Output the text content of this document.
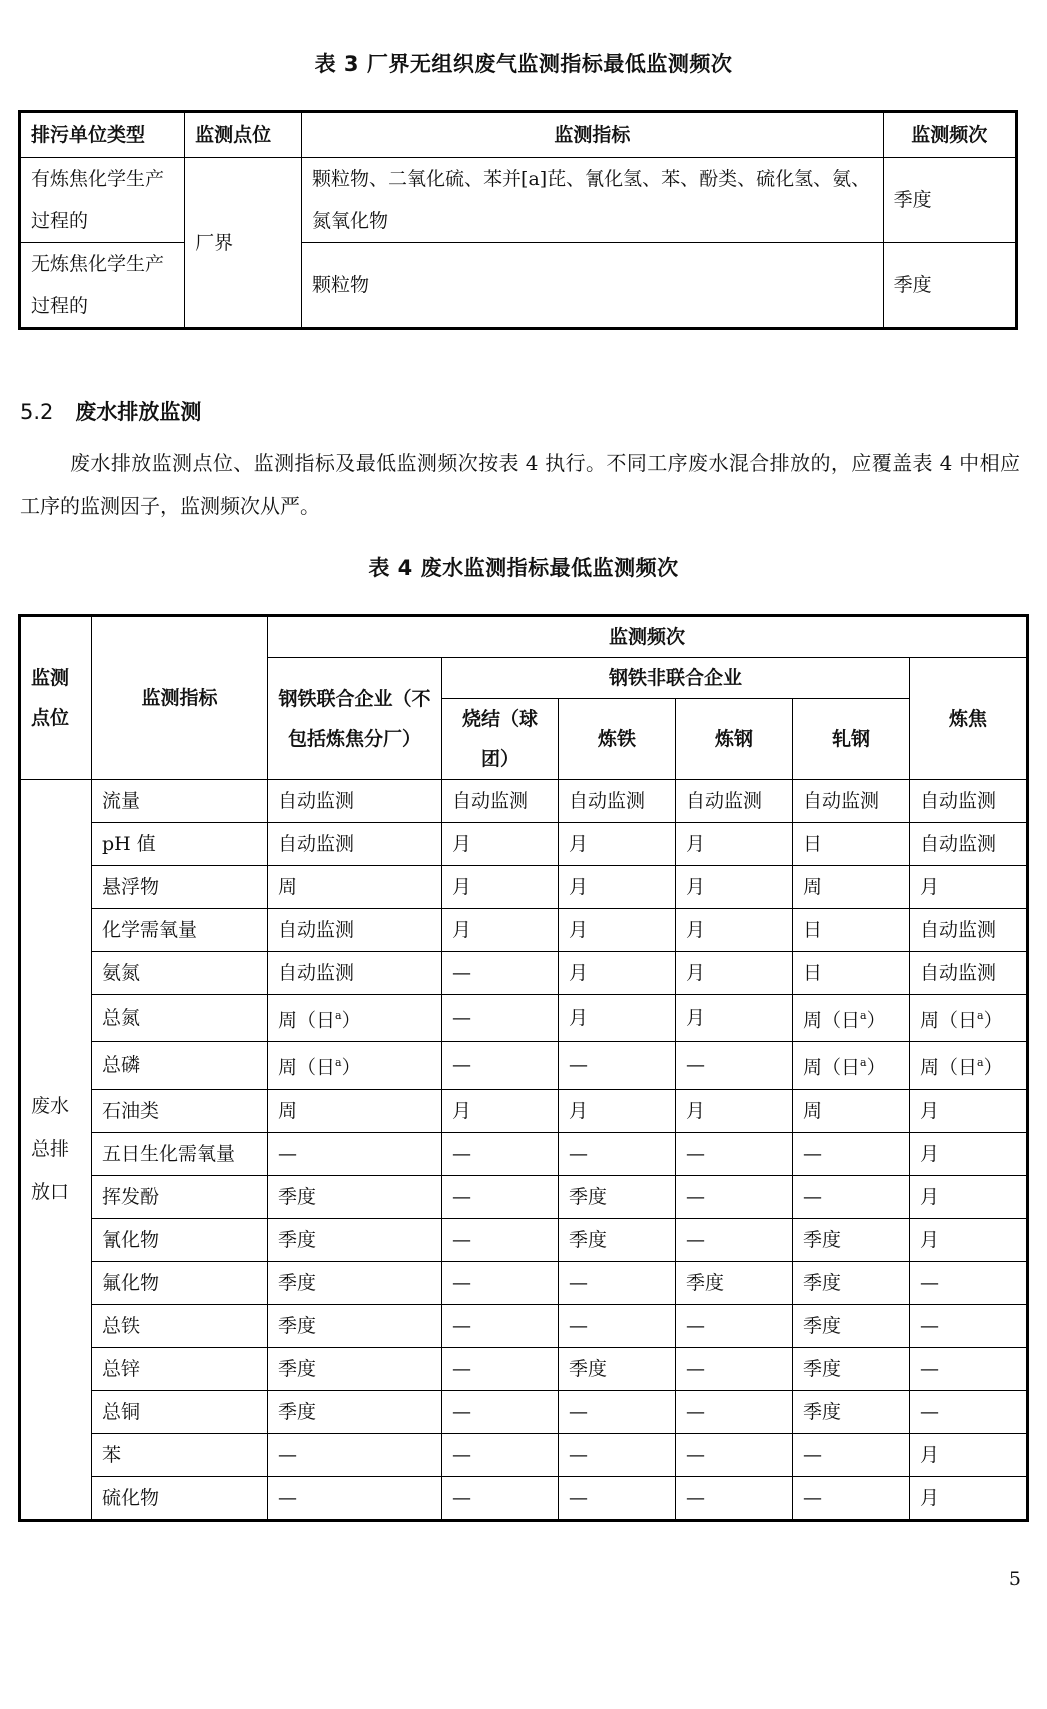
表 3 厂界无组织废气监测指标最低监测频次
排污单位类型	监测点位	监测指标	监测频次
有炼焦化学生产过程的	厂界	颗粒物、二氧化硫、苯并[a]芘、氰化氢、苯、酚类、硫化氢、氨、氮氧化物	季度
无炼焦化学生产过程的		颗粒物	季度
5.2 废水排放监测

废水排放监测点位、监测指标及最低监测频次按表 4 执行。不同工序废水混合排放的，应覆盖表 4 中相应工序的监测因子，监测频次从严。

表 4 废水监测指标最低监测频次
监测点位	监测指标	监测频次					
		钢铁联合企业（不包括炼焦分厂）	钢铁非联合企业				炼焦
			烧结（球团）	炼铁	炼钢	轧钢	
废水总排放口	流量	自动监测	自动监测	自动监测	自动监测	自动监测	自动监测
	pH 值	自动监测	月	月	月	日	自动监测
	悬浮物	周	月	月	月	周	月
	化学需氧量	自动监测	月	月	月	日	自动监测
	氨氮	自动监测	—	月	月	日	自动监测
	总氮	周（日$^a$）	—	月	月	周（日$^a$）	周（日$^a$）
	总磷	周（日$^a$）	—	—	—	周（日$^a$）	周（日$^a$）
	石油类	周	月	月	月	周	月
	五日生化需氧量	—	—	—	—	—	月
	挥发酚	季度	—	季度	—	—	月
	氰化物	季度	—	季度	—	季度	月
	氟化物	季度	—	—	季度	季度	—
	总铁	季度	—	—	—	季度	—
	总锌	季度	—	季度	—	季度	—
	总铜	季度	—	—	—	季度	—
	苯	—	—	—	—	—	月
	硫化物	—	—	—	—	—	月
5
